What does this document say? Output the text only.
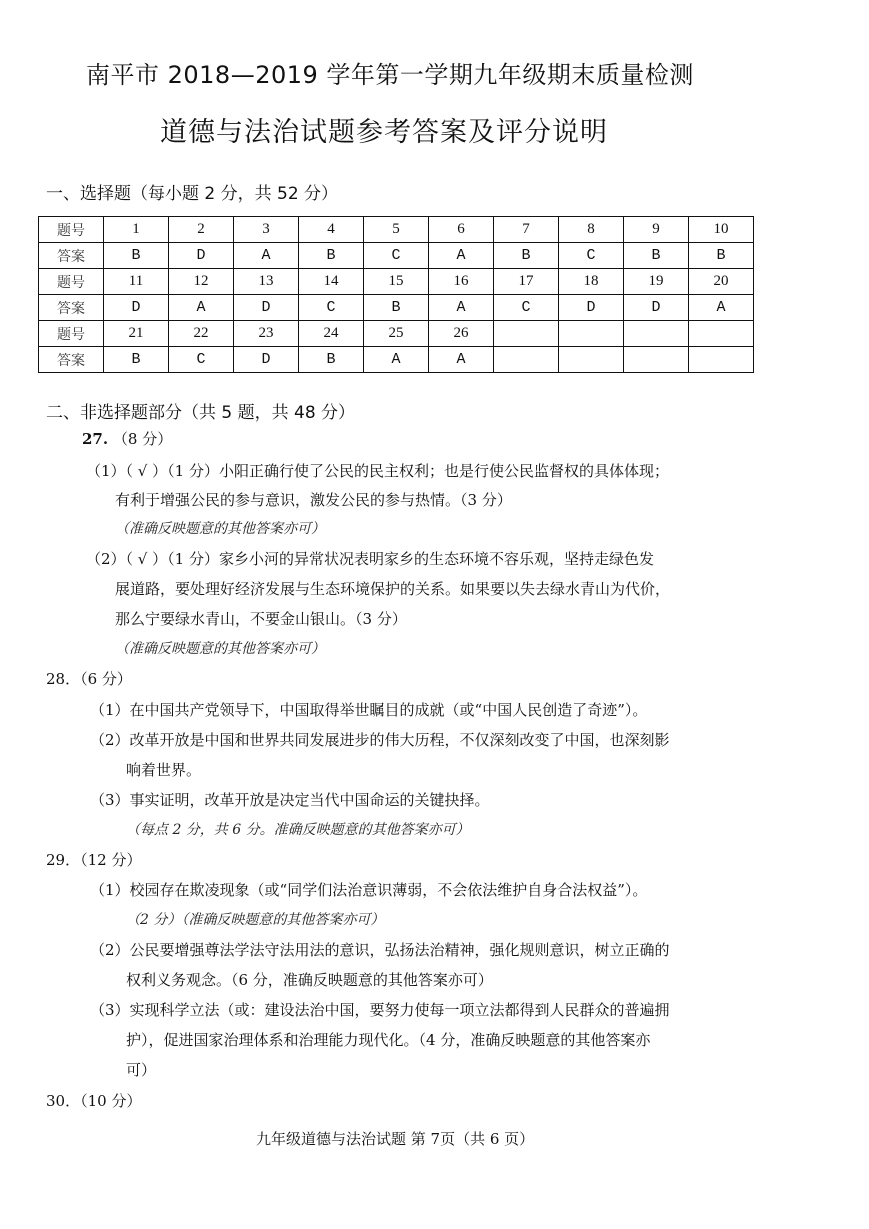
南平市 2018—2019 学年第一学期九年级期末质量检测
道德与法治试题参考答案及评分说明
一、选择题（每小题 2 分，共 52 分）
题号	1	2	3	4	5	6	7	8	9	10
答案	B	D	A	B	C	A	B	C	B	B
题号	11	12	13	14	15	16	17	18	19	20
答案	D	A	D	C	B	A	C	D	D	A
题号	21	22	23	24	25	26				
答案	B	C	D	B	A	A				
二、非选择题部分（共 5 题，共 48 分）
27. （8 分）
（1）（ √ ）（1 分）小阳正确行使了公民的民主权利；也是行使公民监督权的具体体现；
有利于增强公民的参与意识，激发公民的参与热情。（3 分）
（准确反映题意的其他答案亦可）
（2）（ √ ）（1 分）家乡小河的异常状况表明家乡的生态环境不容乐观，坚持走绿色发
展道路，要处理好经济发展与生态环境保护的关系。如果要以失去绿水青山为代价，
那么宁要绿水青山，不要金山银山。（3 分）
（准确反映题意的其他答案亦可）
28．（6 分）
（1）在中国共产党领导下，中国取得举世瞩目的成就（或“中国人民创造了奇迹”）。
（2）改革开放是中国和世界共同发展进步的伟大历程，不仅深刻改变了中国，也深刻影
响着世界。
（3）事实证明，改革开放是决定当代中国命运的关键抉择。
（每点 2 分，共 6 分。准确反映题意的其他答案亦可）
29．（12 分）
（1）校园存在欺凌现象（或“同学们法治意识薄弱，不会依法维护自身合法权益”）。
（2 分）（准确反映题意的其他答案亦可）
（2）公民要增强尊法学法守法用法的意识，弘扬法治精神，强化规则意识，树立正确的
权利义务观念。（6 分，准确反映题意的其他答案亦可）
（3）实现科学立法（或：建设法治中国，要努力使每一项立法都得到人民群众的普遍拥
护），促进国家治理体系和治理能力现代化。（4 分，准确反映题意的其他答案亦
可）
30．（10 分）
九年级道德与法治试题 第 7页（共 6 页）
